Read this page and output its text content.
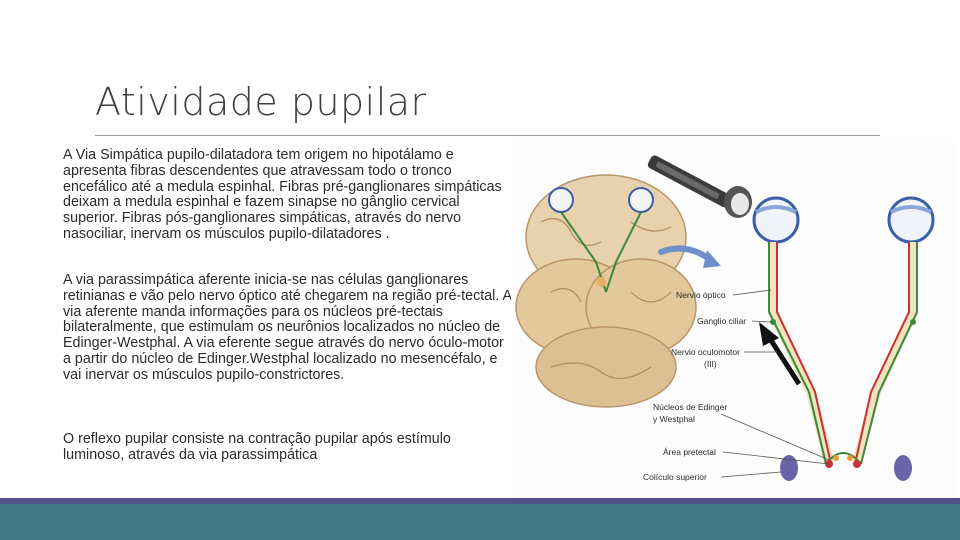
Atividade pupilar

A Via Simpática pupilo-dilatadora tem origem no hipotálamo e apresenta fibras descendentes que atravessam todo o tronco encefálico até a medula espinhal. Fibras pré-ganglionares simpáticas deixam a medula espinhal e fazem sinapse no gânglio cervical superior. Fibras pós-ganglionares simpáticas, através do nervo nasociliar, inervam os músculos pupilo-dilatadores .

A via parassimpática aferente inicia-se nas células ganglionares retinianas e vão pelo nervo óptico até chegarem na região pré-tectal. A via aferente manda informações para os núcleos pré-tectais bilateralmente, que estimulam os neurônios localizados no núcleo de Edinger-Westphal. A via eferente segue através do nervo óculo-motor a partir do núcleo de Edinger.Westphal localizado no mesencéfalo, e vai inervar os músculos pupilo-constrictores.

O reflexo pupilar consiste na contração pupilar após estímulo luminoso, através da via parassimpática

Nervio óptico
Ganglio ciliar
Nervio oculomotor
(III)
Núcleos de Edinger
y Westphal
Área pretectal
Colículo superior
